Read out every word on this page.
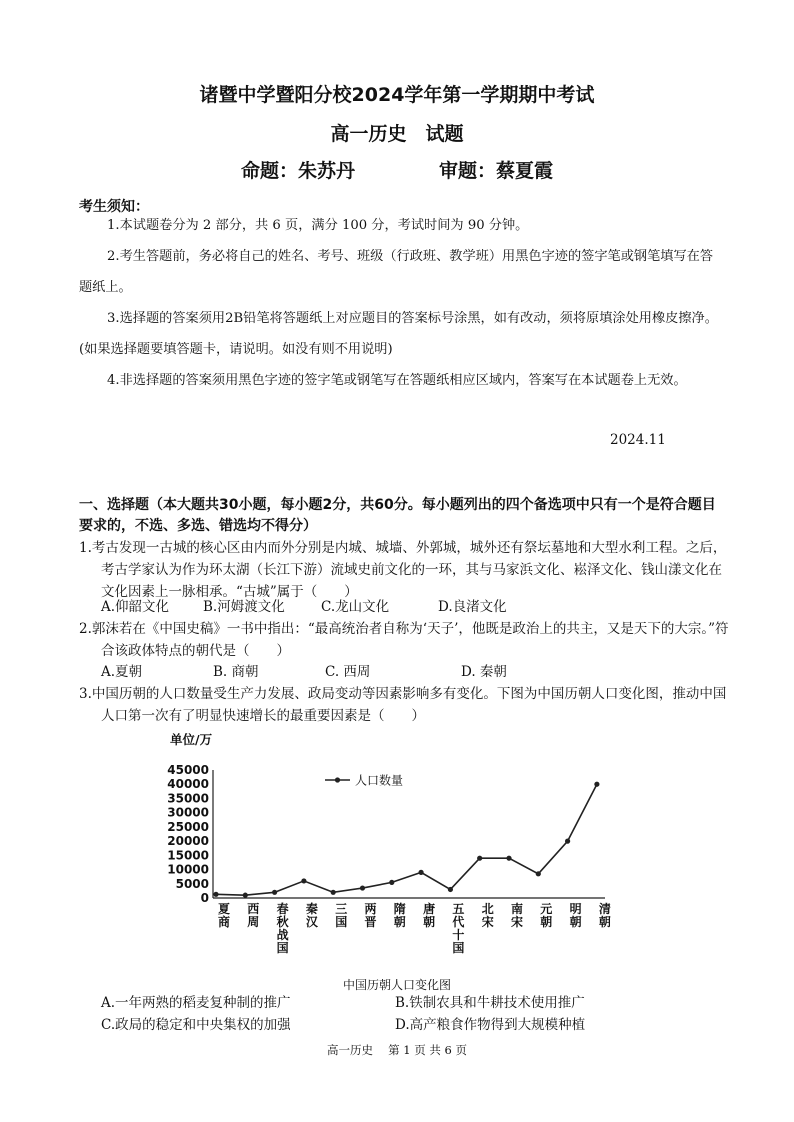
诸暨中学暨阳分校2024学年第一学期期中考试
高一历史　试题
命题：朱苏丹	审题：蔡夏霞
考生须知：

1.本试题卷分为 2 部分，共 6 页，满分 100 分，考试时间为 90 分钟。

2.考生答题前，务必将自己的姓名、考号、班级（行政班、教学班）用黑色字迹的签字笔或钢笔填写在答题纸上。

3.选择题的答案须用2B铅笔将答题纸上对应题目的答案标号涂黑，如有改动，须将原填涂处用橡皮擦净。(如果选择题要填答题卡，请说明。如没有则不用说明)

4.非选择题的答案须用黑色字迹的签字笔或钢笔写在答题纸相应区域内，答案写在本试题卷上无效。

2024.11
一、选择题（本大题共30小题，每小题2分，共60分。每小题列出的四个备选项中只有一个是符合题目要求的，不选、多选、错选均不得分）

1.考古发现一古城的核心区由内而外分别是内城、城墙、外郭城，城外还有祭坛墓地和大型水利工程。之后，考古学家认为作为环太湖（长江下游）流域史前文化的一环，其与马家浜文化、崧泽文化、钱山漾文化在文化因素上一脉相承。“古城”属于（　　）

A.仰韶文化	B.河姆渡文化	C.龙山文化	D.良渚文化

2.郭沫若在《中国史稿》一书中指出：“最高统治者自称为‘天子’，他既是政治上的共主，又是天下的大宗。”符合该政体特点的朝代是（　　）

A.夏朝	B. 商朝	C. 西周	D. 秦朝

3.中国历朝的人口数量受生产力发展、政局变动等因素影响多有变化。下图为中国历朝人口变化图，推动中国人口第一次有了明显快速增长的最重要因素是（　　）

单位/万
0
5000
10000
15000
20000
25000
30000
35000
40000
45000
夏商
西周
春秋战国
秦汉
三国
两晋
隋朝
唐朝
五代十国
北宋
南宋
元朝
明朝
清朝
人口数量
中国历朝人口变化图
A.一年两熟的稻麦复种制的推广	B.铁制农具和牛耕技术使用推广
C.政局的稳定和中央集权的加强	D.高产粮食作物得到大规模种植
高一历史　 第 1 页 共 6 页
